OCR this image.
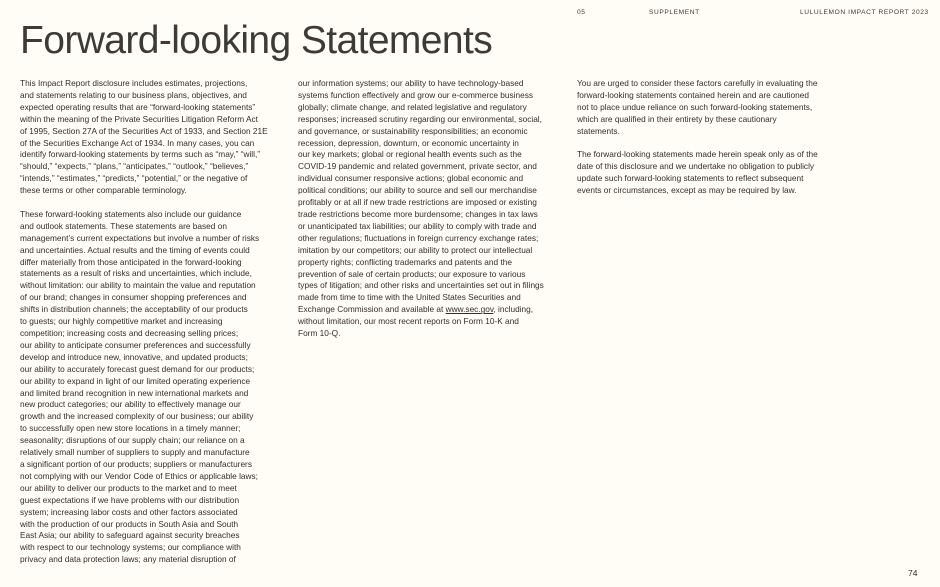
05	SUPPLEMENT	LULULEMON IMPACT REPORT 2023
Forward-looking Statements

This Impact Report disclosure includes estimates, projections,
and statements relating to our business plans, objectives, and
expected operating results that are “forward-looking statements”
within the meaning of the Private Securities Litigation Reform Act
of 1995, Section 27A of the Securities Act of 1933, and Section 21E
of the Securities Exchange Act of 1934. In many cases, you can
identify forward-looking statements by terms such as “may,” “will,”
“should,” “expects,” “plans,” “anticipates,” “outlook,” “believes,”
“intends,” “estimates,” “predicts,” “potential,” or the negative of
these terms or other comparable terminology.

These forward-looking statements also include our guidance
and outlook statements. These statements are based on
management’s current expectations but involve a number of risks
and uncertainties. Actual results and the timing of events could
differ materially from those anticipated in the forward-looking
statements as a result of risks and uncertainties, which include,
without limitation: our ability to maintain the value and reputation
of our brand; changes in consumer shopping preferences and
shifts in distribution channels; the acceptability of our products
to guests; our highly competitive market and increasing
competition; increasing costs and decreasing selling prices;
our ability to anticipate consumer preferences and successfully
develop and introduce new, innovative, and updated products;
our ability to accurately forecast guest demand for our products;
our ability to expand in light of our limited operating experience
and limited brand recognition in new international markets and
new product categories; our ability to effectively manage our
growth and the increased complexity of our business; our ability
to successfully open new store locations in a timely manner;
seasonality; disruptions of our supply chain; our reliance on a
relatively small number of suppliers to supply and manufacture
a significant portion of our products; suppliers or manufacturers
not complying with our Vendor Code of Ethics or applicable laws;
our ability to deliver our products to the market and to meet
guest expectations if we have problems with our distribution
system; increasing labor costs and other factors associated
with the production of our products in South Asia and South
East Asia; our ability to safeguard against security breaches
with respect to our technology systems; our compliance with
privacy and data protection laws; any material disruption of

our information systems; our ability to have technology-based
systems function effectively and grow our e-commerce business
globally; climate change, and related legislative and regulatory
responses; increased scrutiny regarding our environmental, social,
and governance, or sustainability responsibilities; an economic
recession, depression, downturn, or economic uncertainty in
our key markets; global or regional health events such as the
COVID-19 pandemic and related government, private sector, and
individual consumer responsive actions; global economic and
political conditions; our ability to source and sell our merchandise
profitably or at all if new trade restrictions are imposed or existing
trade restrictions become more burdensome; changes in tax laws
or unanticipated tax liabilities; our ability to comply with trade and
other regulations; fluctuations in foreign currency exchange rates;
imitation by our competitors; our ability to protect our intellectual
property rights; conflicting trademarks and patents and the
prevention of sale of certain products; our exposure to various
types of litigation; and other risks and uncertainties set out in filings
made from time to time with the United States Securities and
Exchange Commission and available at www.sec.gov, including,
without limitation, our most recent reports on Form 10-K and
Form 10-Q.

You are urged to consider these factors carefully in evaluating the
forward-looking statements contained herein and are cautioned
not to place undue reliance on such forward-looking statements,
which are qualified in their entirety by these cautionary
statements.

The forward-looking statements made herein speak only as of the
date of this disclosure and we undertake no obligation to publicly
update such forward-looking statements to reflect subsequent
events or circumstances, except as may be required by law.

74
